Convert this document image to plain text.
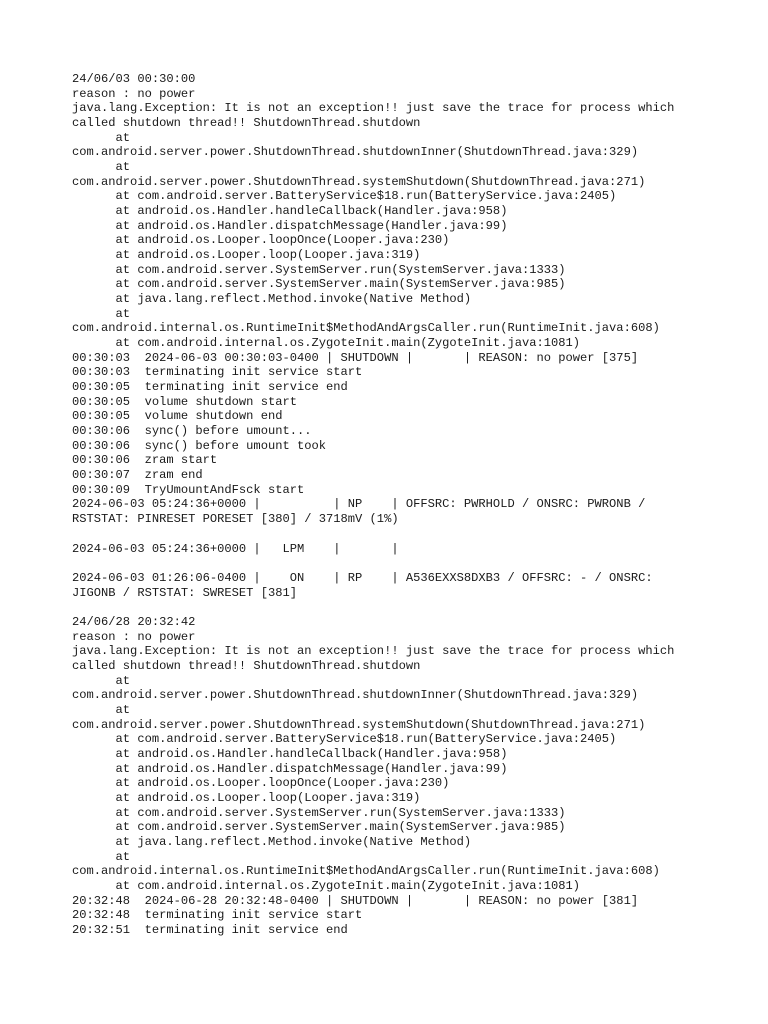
24/06/03 00:30:00
reason : no power
java.lang.Exception: It is not an exception!! just save the trace for process which
called shutdown thread!! ShutdownThread.shutdown
at
com.android.server.power.ShutdownThread.shutdownInner(ShutdownThread.java:329)
at
com.android.server.power.ShutdownThread.systemShutdown(ShutdownThread.java:271)
at com.android.server.BatteryService$18.run(BatteryService.java:2405)
at android.os.Handler.handleCallback(Handler.java:958)
at android.os.Handler.dispatchMessage(Handler.java:99)
at android.os.Looper.loopOnce(Looper.java:230)
at android.os.Looper.loop(Looper.java:319)
at com.android.server.SystemServer.run(SystemServer.java:1333)
at com.android.server.SystemServer.main(SystemServer.java:985)
at java.lang.reflect.Method.invoke(Native Method)
at
com.android.internal.os.RuntimeInit$MethodAndArgsCaller.run(RuntimeInit.java:608)
at com.android.internal.os.ZygoteInit.main(ZygoteInit.java:1081)
00:30:03  2024-06-03 00:30:03-0400 | SHUTDOWN |       | REASON: no power [375]
00:30:03  terminating init service start
00:30:05  terminating init service end
00:30:05  volume shutdown start
00:30:05  volume shutdown end
00:30:06  sync() before umount...
00:30:06  sync() before umount took
00:30:06  zram start
00:30:07  zram end
00:30:09  TryUmountAndFsck start
2024-06-03 05:24:36+0000 |          | NP    | OFFSRC: PWRHOLD / ONSRC: PWRONB /
RSTSTAT: PINRESET PORESET [380] / 3718mV (1%)
2024-06-03 05:24:36+0000 |   LPM    |       |
2024-06-03 01:26:06-0400 |    ON    | RP    | A536EXXS8DXB3 / OFFSRC: - / ONSRC:
JIGONB / RSTSTAT: SWRESET [381]
24/06/28 20:32:42
reason : no power
java.lang.Exception: It is not an exception!! just save the trace for process which
called shutdown thread!! ShutdownThread.shutdown
at
com.android.server.power.ShutdownThread.shutdownInner(ShutdownThread.java:329)
at
com.android.server.power.ShutdownThread.systemShutdown(ShutdownThread.java:271)
at com.android.server.BatteryService$18.run(BatteryService.java:2405)
at android.os.Handler.handleCallback(Handler.java:958)
at android.os.Handler.dispatchMessage(Handler.java:99)
at android.os.Looper.loopOnce(Looper.java:230)
at android.os.Looper.loop(Looper.java:319)
at com.android.server.SystemServer.run(SystemServer.java:1333)
at com.android.server.SystemServer.main(SystemServer.java:985)
at java.lang.reflect.Method.invoke(Native Method)
at
com.android.internal.os.RuntimeInit$MethodAndArgsCaller.run(RuntimeInit.java:608)
at com.android.internal.os.ZygoteInit.main(ZygoteInit.java:1081)
20:32:48  2024-06-28 20:32:48-0400 | SHUTDOWN |       | REASON: no power [381]
20:32:48  terminating init service start
20:32:51  terminating init service end
